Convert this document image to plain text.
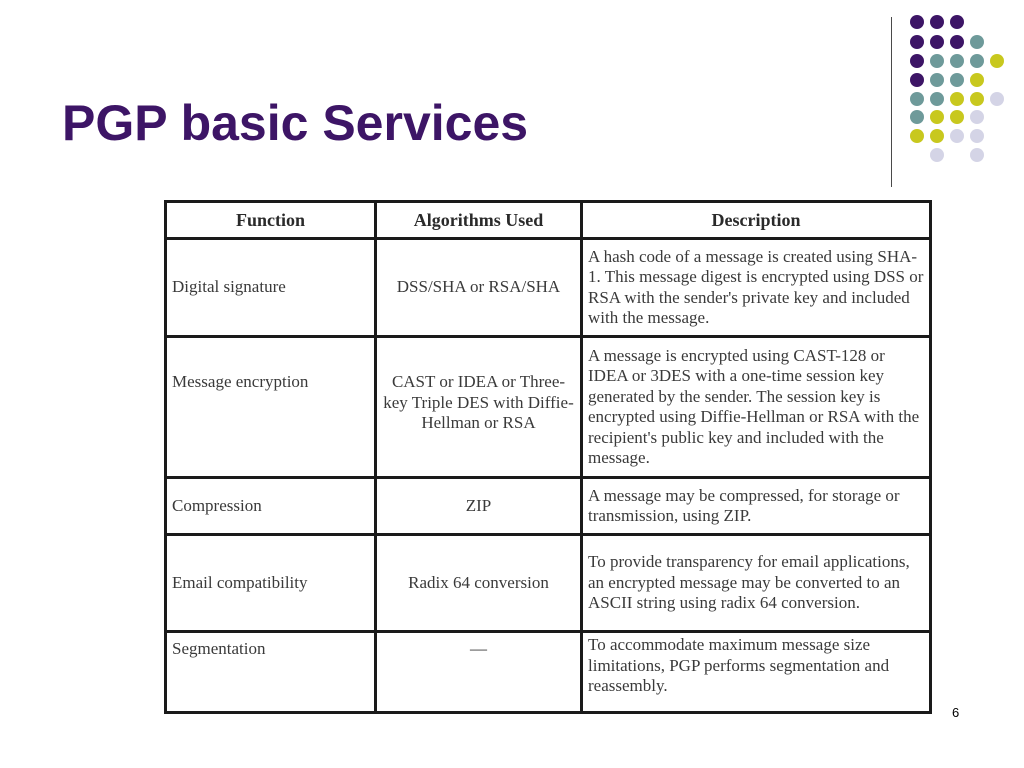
PGP basic Services
Function	Algorithms Used	Description
Digital signature	DSS/SHA or RSA/SHA	A hash code of a message is created using SHA-1. This message digest is encrypted using DSS or RSA with the sender's private key and included with the message.
Message encryption	CAST or IDEA or Three-key Triple DES with Diffie-Hellman or RSA	A message is encrypted using CAST-128 or IDEA or 3DES with a one-time session key generated by the sender. The session key is encrypted using Diffie-Hellman or RSA with the recipient's public key and included with the message.
Compression	ZIP	A message may be compressed, for storage or transmission, using ZIP.
Email compatibility	Radix 64 conversion	To provide transparency for email applications, an encrypted message may be converted to an ASCII string using radix 64 conversion.
Segmentation	—	To accommodate maximum message size limitations, PGP performs segmentation and reassembly.
6
